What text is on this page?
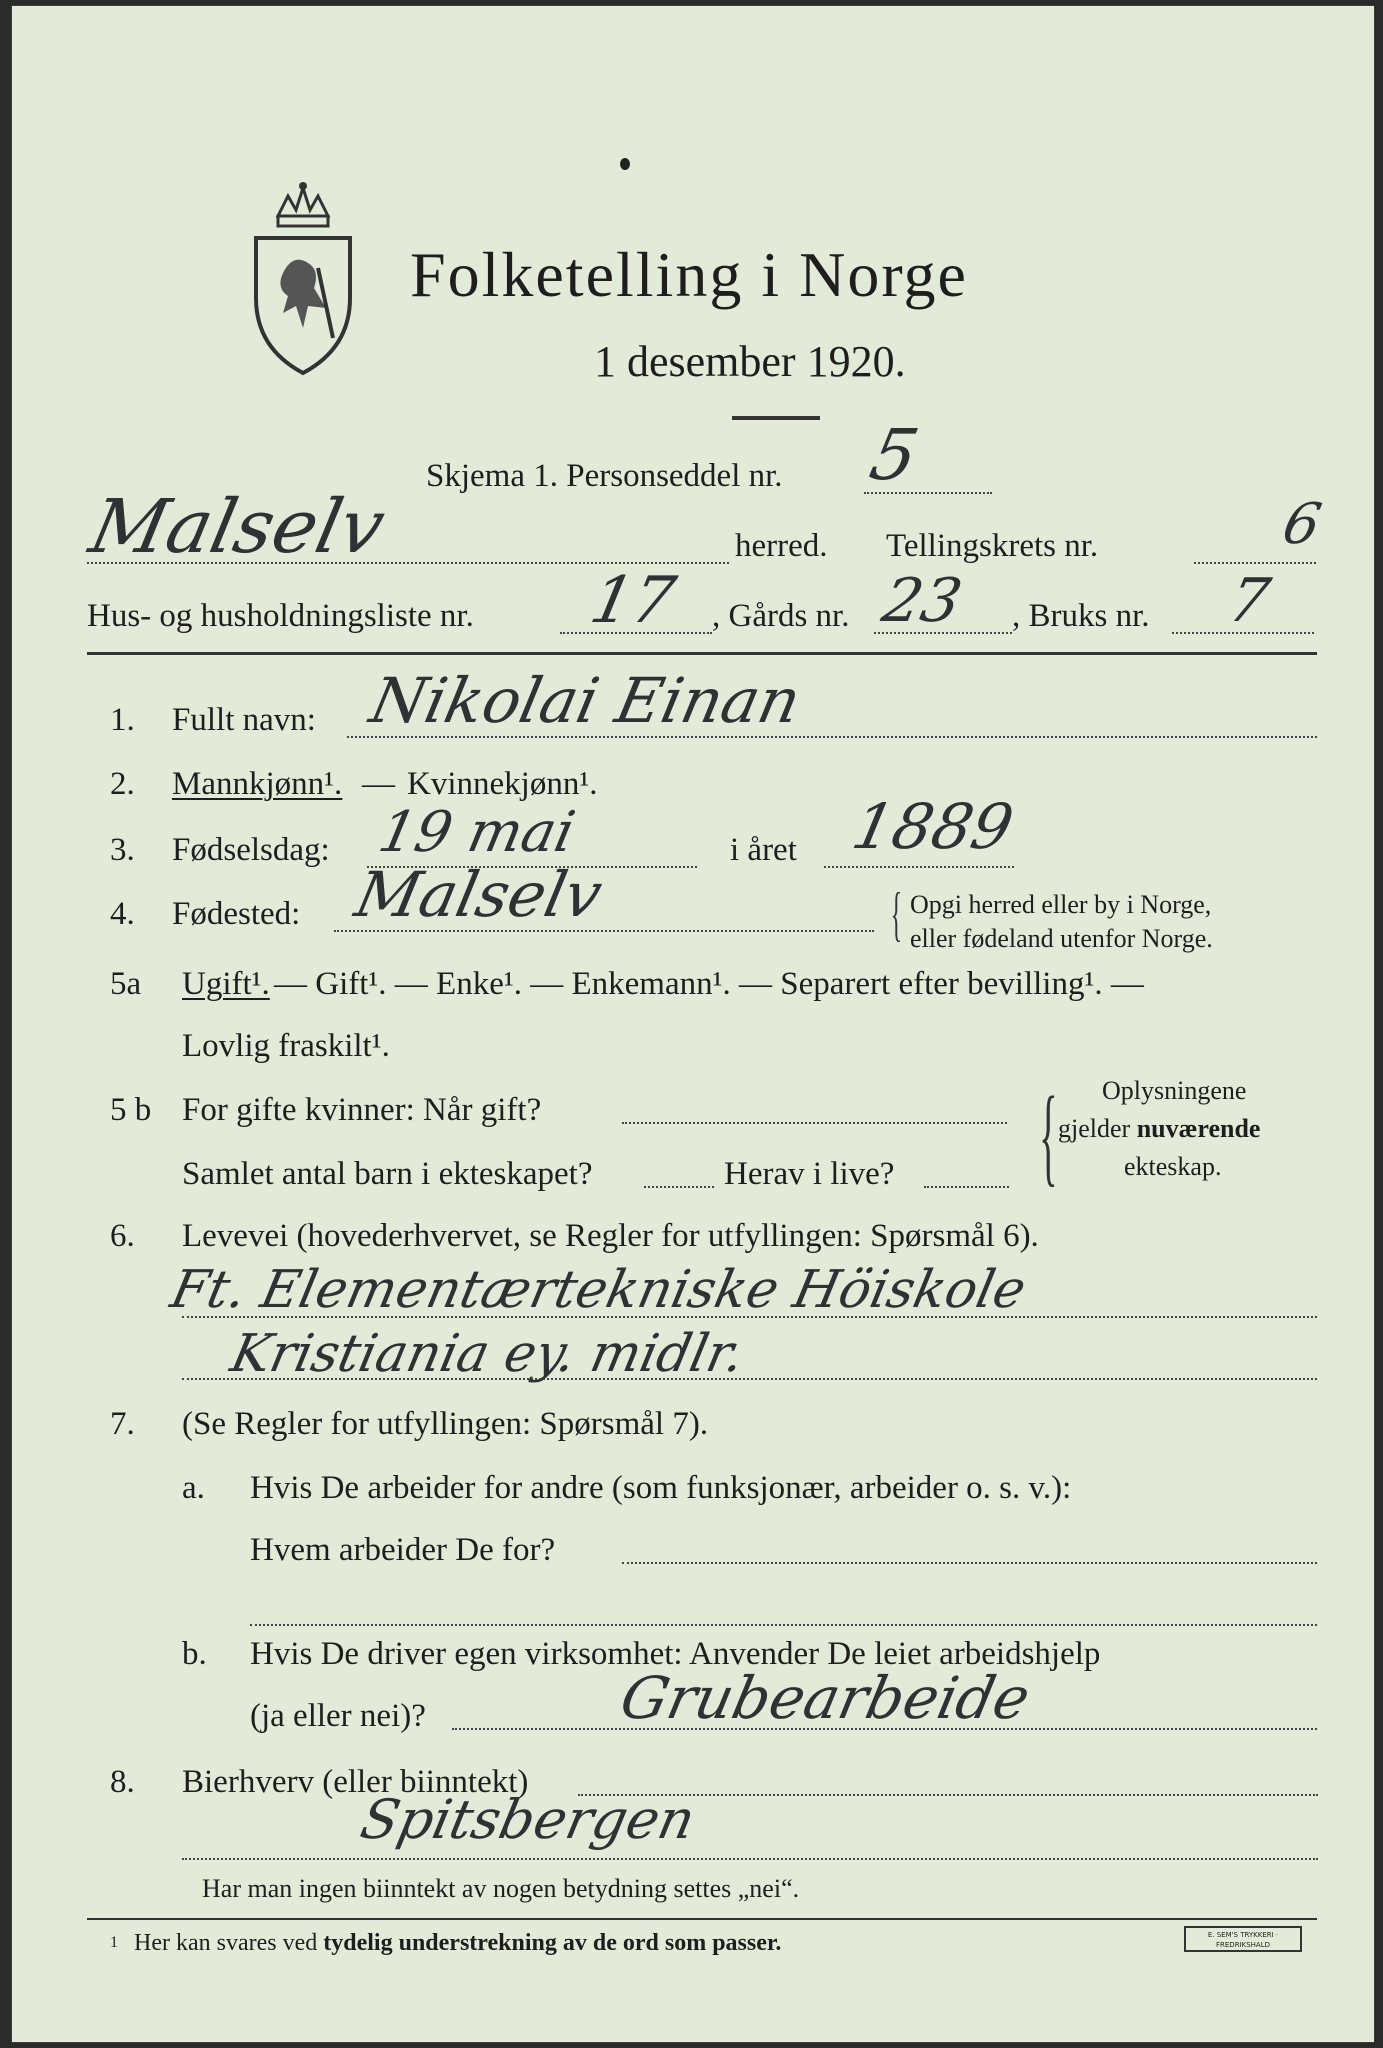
Folketelling i Norge
1 desember 1920.
Skjema 1. Personseddel nr. 5
Malselv	herred. Tellingskrets nr.	6
Hus- og husholdningsliste nr. 17 , Gårds nr. 23 , Bruks nr. 7
1. Fullt navn: Nikolai Einan
2. Mannkjønn¹. — Kvinnekjønn¹.
3. Fødselsdag: 19 mai	i året 1889
4. Fødested: Malselv	{ Opgi herred eller by i Norge,
eller fødeland utenfor Norge.
5a Ugift¹. — Gift¹. — Enke¹. — Enkemann¹. — Separert efter bevilling¹. —
Lovlig fraskilt¹.
5 b For gifte kvinner: Når gift?
Samlet antal barn i ekteskapet?	Herav i live? { Oplysningene
gjelder nuværende
ekteskap.
6. Levevei (hovederhvervet, se Regler for utfyllingen: Spørsmål 6).
Ft. Elementærtekniske Höiskole
Kristiania ey. midlr.
7. (Se Regler for utfyllingen: Spørsmål 7).
a. Hvis De arbeider for andre (som funksjonær, arbeider o. s. v.):
Hvem arbeider De for?
b. Hvis De driver egen virksomhet: Anvender De leiet arbeidshjelp
(ja eller nei)?	Grubearbeide
8. Bierhverv (eller biinntekt)
Spitsbergen
Har man ingen biinntekt av nogen betydning settes „nei“.
1 Her kan svares ved tydelig understrekning av de ord som passer.	E. SEM'S TRYKKERI · FREDRIKSHALD
